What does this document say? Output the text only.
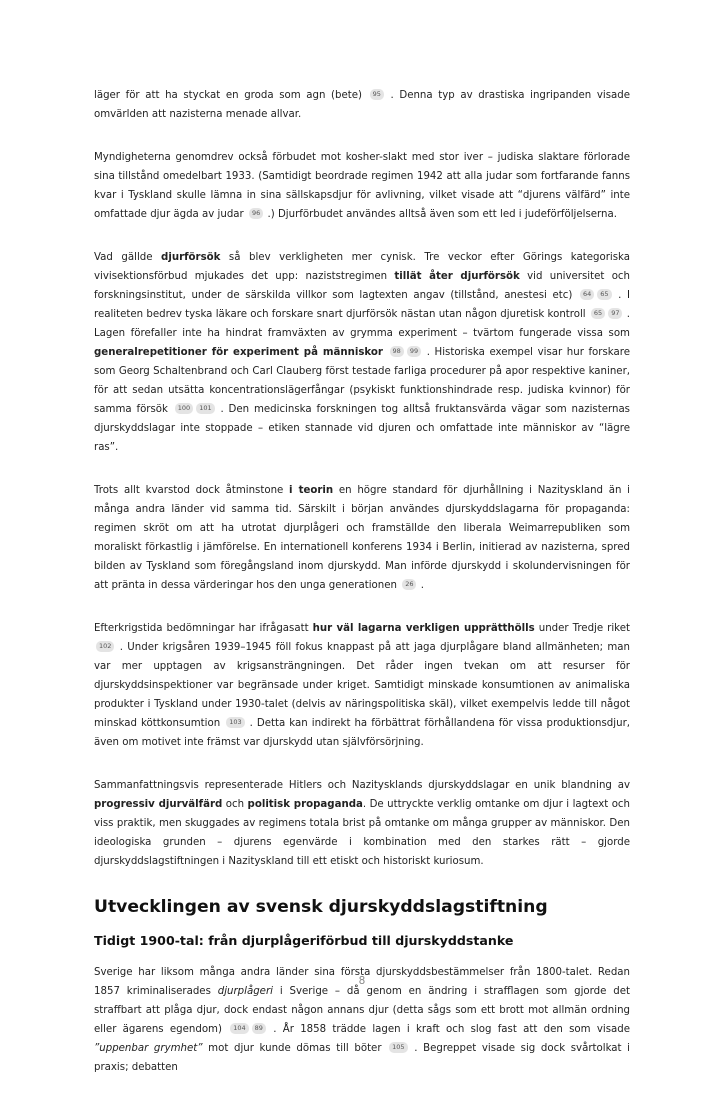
läger för att ha styckat en groda som agn (bete) 95 . Denna typ av drastiska ingripanden visade omvärlden att nazisterna menade allvar.

Myndigheterna genomdrev också förbudet mot kosher-slakt med stor iver – judiska slaktare förlorade sina tillstånd omedelbart 1933. (Samtidigt beordrade regimen 1942 att alla judar som fortfarande fanns kvar i Tyskland skulle lämna in sina sällskapsdjur för avlivning, vilket visade att “djurens välfärd” inte omfattade djur ägda av judar 96 .) Djurförbudet användes alltså även som ett led i judeförföljelserna.

Vad gällde djurförsök så blev verkligheten mer cynisk. Tre veckor efter Görings kategoriska vivisektionsförbud mjukades det upp: naziststregimen tillät åter djurförsök vid universitet och forskningsinstitut, under de särskilda villkor som lagtexten angav (tillstånd, anestesi etc) 64 65 . I realiteten bedrev tyska läkare och forskare snart djurförsök nästan utan någon djuretisk kontroll 65 97 . Lagen förefaller inte ha hindrat framväxten av grymma experiment – tvärtom fungerade vissa som generalrepetitioner för experiment på människor 98 99 . Historiska exempel visar hur forskare som Georg Schaltenbrand och Carl Clauberg först testade farliga procedurer på apor respektive kaniner, för att sedan utsätta koncentrationslägerfångar (psykiskt funktionshindrade resp. judiska kvinnor) för samma försök 100 101 . Den medicinska forskningen tog alltså fruktansvärda vägar som nazisternas djurskyddslagar inte stoppade – etiken stannade vid djuren och omfattade inte människor av “lägre ras”.

Trots allt kvarstod dock åtminstone i teorin en högre standard för djurhållning i Nazityskland än i många andra länder vid samma tid. Särskilt i början användes djurskyddslagarna för propaganda: regimen skröt om att ha utrotat djurplågeri och framställde den liberala Weimarrepubliken som moraliskt förkastlig i jämförelse. En internationell konferens 1934 i Berlin, initierad av nazisterna, spred bilden av Tyskland som föregångsland inom djurskydd. Man införde djurskydd i skolundervisningen för att pränta in dessa värderingar hos den unga generationen 26 .

Efterkrigstida bedömningar har ifrågasatt hur väl lagarna verkligen upprätthölls under Tredje riket 102 . Under krigsåren 1939–1945 föll fokus knappast på att jaga djurplågare bland allmänheten; man var mer upptagen av krigsansträngningen. Det råder ingen tvekan om att resurser för djurskyddsinspektioner var begränsade under kriget. Samtidigt minskade konsumtionen av animaliska produkter i Tyskland under 1930-talet (delvis av näringspolitiska skäl), vilket exempelvis ledde till något minskad köttkonsumtion 103 . Detta kan indirekt ha förbättrat förhållandena för vissa produktionsdjur, även om motivet inte främst var djurskydd utan självförsörjning.

Sammanfattningsvis representerade Hitlers och Nazitysklands djurskyddslagar en unik blandning av progressiv djurvälfärd och politisk propaganda. De uttryckte verklig omtanke om djur i lagtext och viss praktik, men skuggades av regimens totala brist på omtanke om många grupper av människor. Den ideologiska grunden – djurens egenvärde i kombination med den starkes rätt – gjorde djurskyddslagstiftningen i Nazityskland till ett etiskt och historiskt kuriosum.

Utvecklingen av svensk djurskyddslagstiftning
Tidigt 1900-tal: från djurplågeriförbud till djurskyddstanke

Sverige har liksom många andra länder sina första djurskyddsbestämmelser från 1800-talet. Redan 1857 kriminaliserades djurplågeri i Sverige – då genom en ändring i strafflagen som gjorde det straffbart att plåga djur, dock endast någon annans djur (detta sågs som ett brott mot allmän ordning eller ägarens egendom) 104 89 . År 1858 trädde lagen i kraft och slog fast att den som visade ”uppenbar grymhet” mot djur kunde dömas till böter 105 . Begreppet visade sig dock svårtolkat i praxis; debatten

8
